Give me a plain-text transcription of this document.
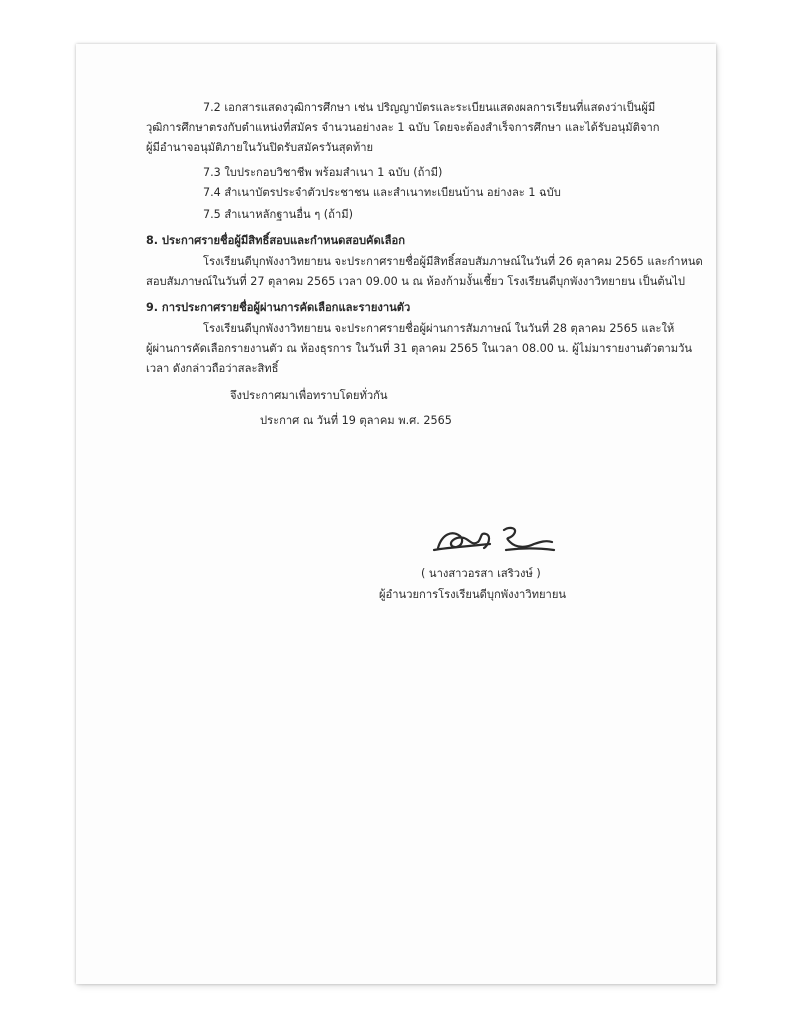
7.2 เอกสารแสดงวุฒิการศึกษา เช่น ปริญญาบัตรและระเบียนแสดงผลการเรียนที่แสดงว่าเป็นผู้มี
วุฒิการศึกษาตรงกับตำแหน่งที่สมัคร จำนวนอย่างละ 1 ฉบับ โดยจะต้องสำเร็จการศึกษา และได้รับอนุมัติจาก
ผู้มีอำนาจอนุมัติภายในวันปิดรับสมัครวันสุดท้าย
7.3 ใบประกอบวิชาชีพ พร้อมสำเนา 1 ฉบับ (ถ้ามี)
7.4 สำเนาบัตรประจำตัวประชาชน และสำเนาทะเบียนบ้าน อย่างละ 1 ฉบับ
7.5 สำเนาหลักฐานอื่น ๆ (ถ้ามี)
8. ประกาศรายชื่อผู้มีสิทธิ์สอบและกำหนดสอบคัดเลือก
โรงเรียนดีบุกพังงาวิทยายน จะประกาศรายชื่อผู้มีสิทธิ์สอบสัมภาษณ์ในวันที่ 26 ตุลาคม 2565 และกำหนด
สอบสัมภาษณ์ในวันที่ 27 ตุลาคม 2565 เวลา 09.00 น ณ ห้องก้ามงั้นเชี้ยว โรงเรียนดีบุกพังงาวิทยายน เป็นต้นไป
9. การประกาศรายชื่อผู้ผ่านการคัดเลือกและรายงานตัว
โรงเรียนดีบุกพังงาวิทยายน จะประกาศรายชื่อผู้ผ่านการสัมภาษณ์ ในวันที่ 28 ตุลาคม 2565 และให้
ผู้ผ่านการคัดเลือกรายงานตัว ณ ห้องธุรการ ในวันที่ 31 ตุลาคม 2565 ในเวลา 08.00 น. ผู้ไม่มารายงานตัวตามวัน
เวลา ดังกล่าวถือว่าสละสิทธิ์
จึงประกาศมาเพื่อทราบโดยทั่วกัน
ประกาศ ณ วันที่ 19 ตุลาคม พ.ศ. 2565
( นางสาวอรสา เสริวงษ์ )
ผู้อำนวยการโรงเรียนดีบุกพังงาวิทยายน
